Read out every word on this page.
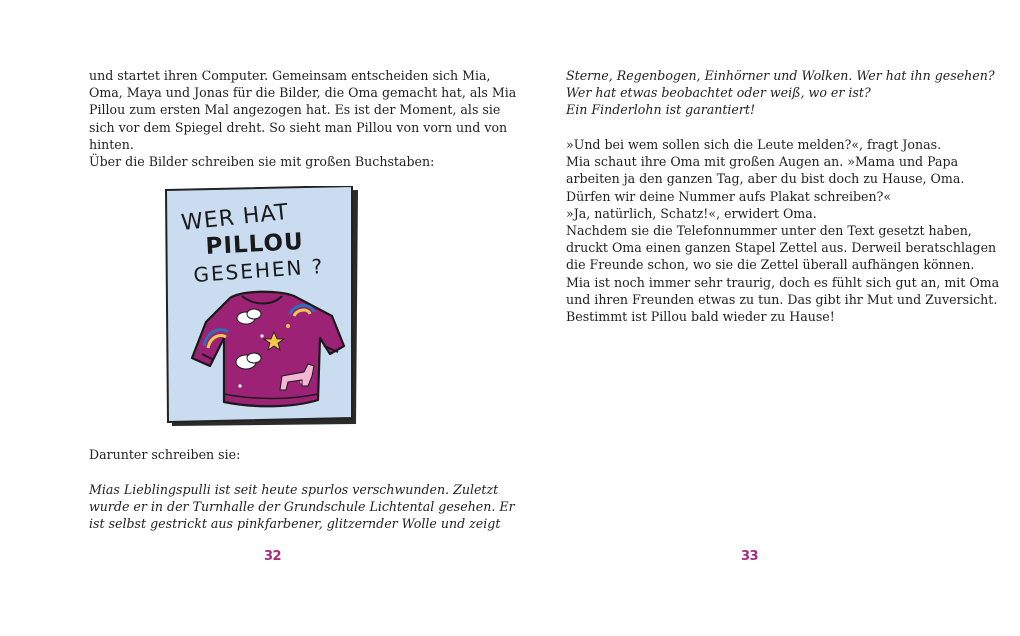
und startet ihren Computer. Gemeinsam entscheiden sich Mia,
Oma, Maya und Jonas für die Bilder, die Oma gemacht hat, als Mia
Pillou zum ersten Mal angezogen hat. Es ist der Moment, als sie
sich vor dem Spiegel dreht. So sieht man Pillou von vorn und von
hinten.
Über die Bilder schreiben sie mit großen Buchstaben:

WER HAT
PILLOU
GESEHEN ?

Darunter schreiben sie:

Mias Lieblingspulli ist seit heute spurlos verschwunden. Zuletzt
wurde er in der Turnhalle der Grundschule Lichtental gesehen. Er
ist selbst gestrickt aus pinkfarbener, glitzernder Wolle und zeigt

32

Sterne, Regenbogen, Einhörner und Wolken. Wer hat ihn gesehen?
Wer hat etwas beobachtet oder weiß, wo er ist?
Ein Finderlohn ist garantiert!

»Und bei wem sollen sich die Leute melden?«, fragt Jonas.
Mia schaut ihre Oma mit großen Augen an. »Mama und Papa
arbeiten ja den ganzen Tag, aber du bist doch zu Hause, Oma.
Dürfen wir deine Nummer aufs Plakat schreiben?«
»Ja, natürlich, Schatz!«, erwidert Oma.
Nachdem sie die Telefonnummer unter den Text gesetzt haben,
druckt Oma einen ganzen Stapel Zettel aus. Derweil beratschlagen
die Freunde schon, wo sie die Zettel überall aufhängen können.
Mia ist noch immer sehr traurig, doch es fühlt sich gut an, mit Oma
und ihren Freunden etwas zu tun. Das gibt ihr Mut und Zuversicht.
Bestimmt ist Pillou bald wieder zu Hause!

33
